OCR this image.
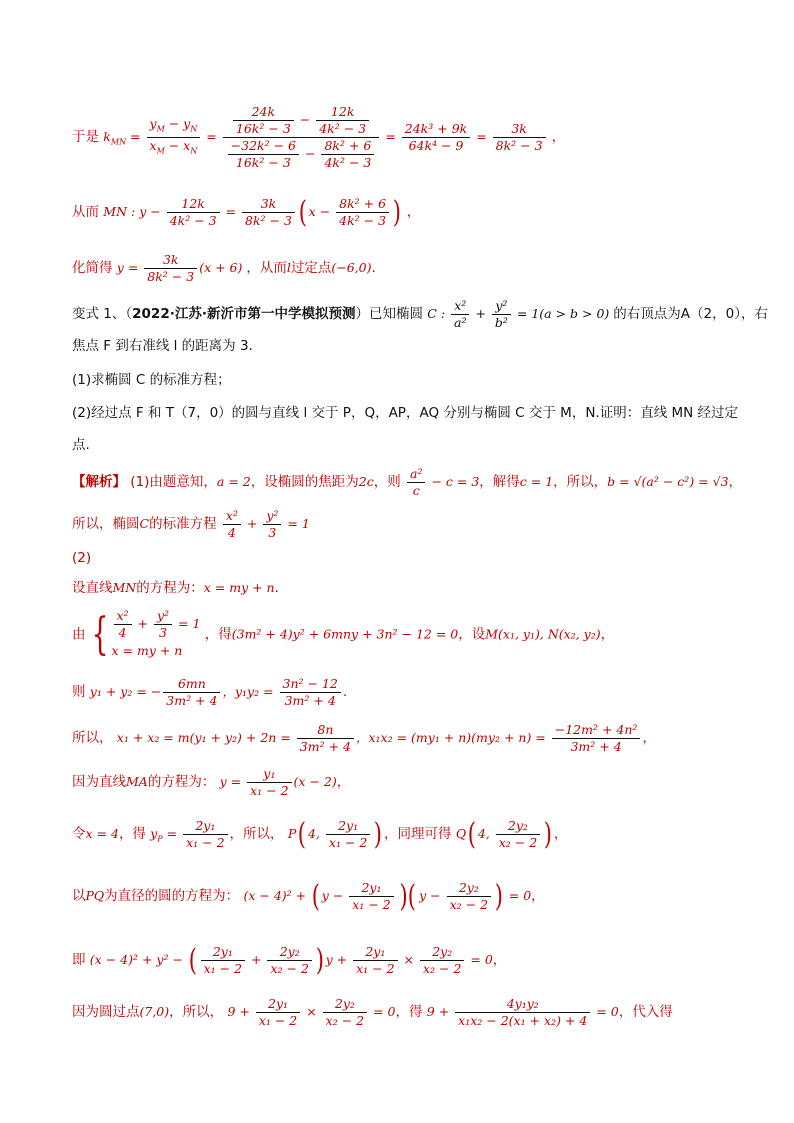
于是 $k_{MN} = \frac{y_M - y_N}{x_M - x_N} = \frac{\frac{24k}{\text{16k² − 3}} - \frac{12k}{\text{4k² − 3}}}{\frac{\text{−32k² − 6}}{\text{16k² − 3}} - \frac{\text{8k² + 6}}{\text{4k² − 3}}} = \frac{\text{24k³ + 9k}}{\text{64k⁴ − 9}} = \frac{3k}{\text{8k² − 3}}$ ，
从而 MN : $y - \frac{12k}{\text{4k² − 3}} = \frac{3k}{\text{8k² − 3}}$ ( $x - \frac{\text{8k² + 6}}{\text{4k² − 3}}$ ) ，
化简得 $y = \frac{3k}{\text{8k² − 3}} (x + 6)$ ，从而l过定点(−6,0).
变式 1、（2022·江苏·新沂市第一中学模拟预测）已知椭圆 C : $\frac{\text{x²}}{\text{a²}} + \frac{\text{y²}}{\text{b²}} = 1(a > b > 0)$ 的右顶点为A（2，0），右
焦点 F 到右准线 l 的距离为 3.
(1)求椭圆 C 的标准方程；
(2)经过点 F 和 T（7，0）的圆与直线 l 交于 P，Q，AP，AQ 分别与椭圆 C 交于 M，N.证明：直线 MN 经过定
点.
【解析】 (1)由题意知，a = 2，设椭圆的焦距为2c，则 $\frac{\text{a²}}{c} - c = 3$，解得c = 1，所以，b = √(a² − c²) = √3，
所以，椭圆C的标准方程 $\frac{\text{x²}}{4} + \frac{\text{y²}}{3} = 1$
(2)
设直线MN的方程为：x = my + n.
由 { $\frac{\text{x²}}{4} + \frac{\text{y²}}{3} = 1$
x = my + n
，得(3m² + 4)y² + 6mny + 3n² − 12 = 0，设M(x₁, y₁), N(x₂, y₂)，
则 y₁ + y₂ = − $\frac{6mn}{\text{3m² + 4}}$ ，$y_1y_2 = \frac{\text{3n² − 12}}{\text{3m² + 4}}$ .
所以， $x_1 + x_2 = m(y_1 + y_2) + 2n = \frac{8n}{\text{3m² + 4}}$ ，$x_1x_2 = (my_1 + n)(my_2 + n) = \frac{\text{−12m² + 4n²}}{\text{3m² + 4}}$ ，
因为直线MA的方程为： $y = \frac{\text{y₁}}{\text{x₁ − 2}} (x - 2)$，
令x = 4，得 $y_P = \frac{\text{2y₁}}{\text{x₁ − 2}}$ ，所以， P( 4, $\frac{\text{2y₁}}{\text{x₁ − 2}}$ ) ，同理可得 Q( 4, $\frac{\text{2y₂}}{\text{x₂ − 2}}$ ) ，
以PQ为直径的圆的方程为： (x − 4)² + ( $y - \frac{\text{2y₁}}{\text{x₁ − 2}}$ )( $y - \frac{\text{2y₂}}{\text{x₂ − 2}}$ ) = 0，
即 (x − 4)² + y² − ( $\frac{\text{2y₁}}{\text{x₁ − 2}} + \frac{\text{2y₂}}{\text{x₂ − 2}}$ ) $y + \frac{\text{2y₁}}{\text{x₁ − 2}} \times \frac{\text{2y₂}}{\text{x₂ − 2}} = 0$，
因为圆过点(7,0)，所以， $9 + \frac{\text{2y₁}}{\text{x₁ − 2}} \times \frac{\text{2y₂}}{\text{x₂ − 2}} = 0$，得 $9 + \frac{\text{4y₁y₂}}{\text{x₁x₂ − 2(x₁ + x₂) + 4}} = 0$，代入得
